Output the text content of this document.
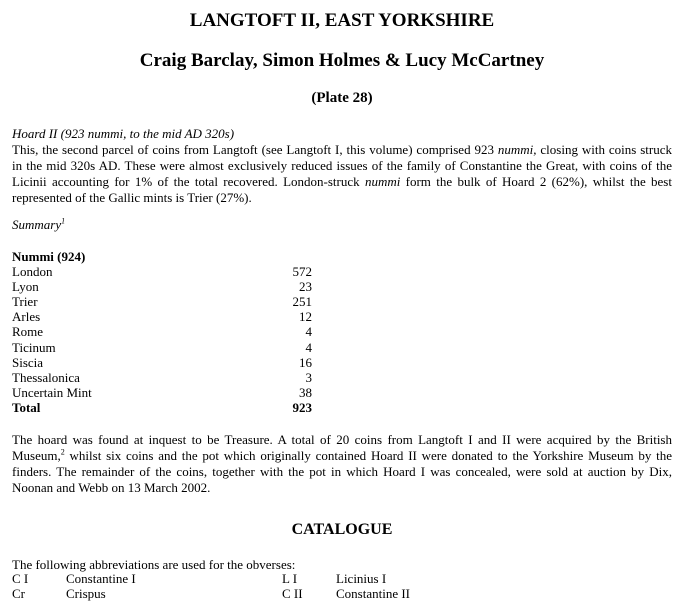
LANGTOFT II, EAST YORKSHIRE
Craig Barclay, Simon Holmes & Lucy McCartney
(Plate 28)
Hoard II (923 nummi, to the mid AD 320s)
This, the second parcel of coins from Langtoft (see Langtoft I, this volume) comprised 923 nummi, closing with coins struck in the mid 320s AD. These were almost exclusively reduced issues of the family of Constantine the Great, with coins of the Licinii accounting for 1% of the total recovered. London-struck nummi form the bulk of Hoard 2 (62%), whilst the best represented of the Gallic mints is Trier (27%).
Summary$^1$
Nummi (924)
London	572
Lyon	23
Trier	251
Arles	12
Rome	4
Ticinum	4
Siscia	16
Thessalonica	3
Uncertain Mint	38
Total	923
The hoard was found at inquest to be Treasure. A total of 20 coins from Langtoft I and II were acquired by the British Museum,$^2$ whilst six coins and the pot which originally contained Hoard II were donated to the Yorkshire Museum by the finders. The remainder of the coins, together with the pot in which Hoard I was concealed, were sold at auction by Dix, Noonan and Webb on 13 March 2002.
CATALOGUE
The following abbreviations are used for the obverses:
C I	Constantine I	L I	Licinius I
Cr	Crispus	C II	Constantine II
